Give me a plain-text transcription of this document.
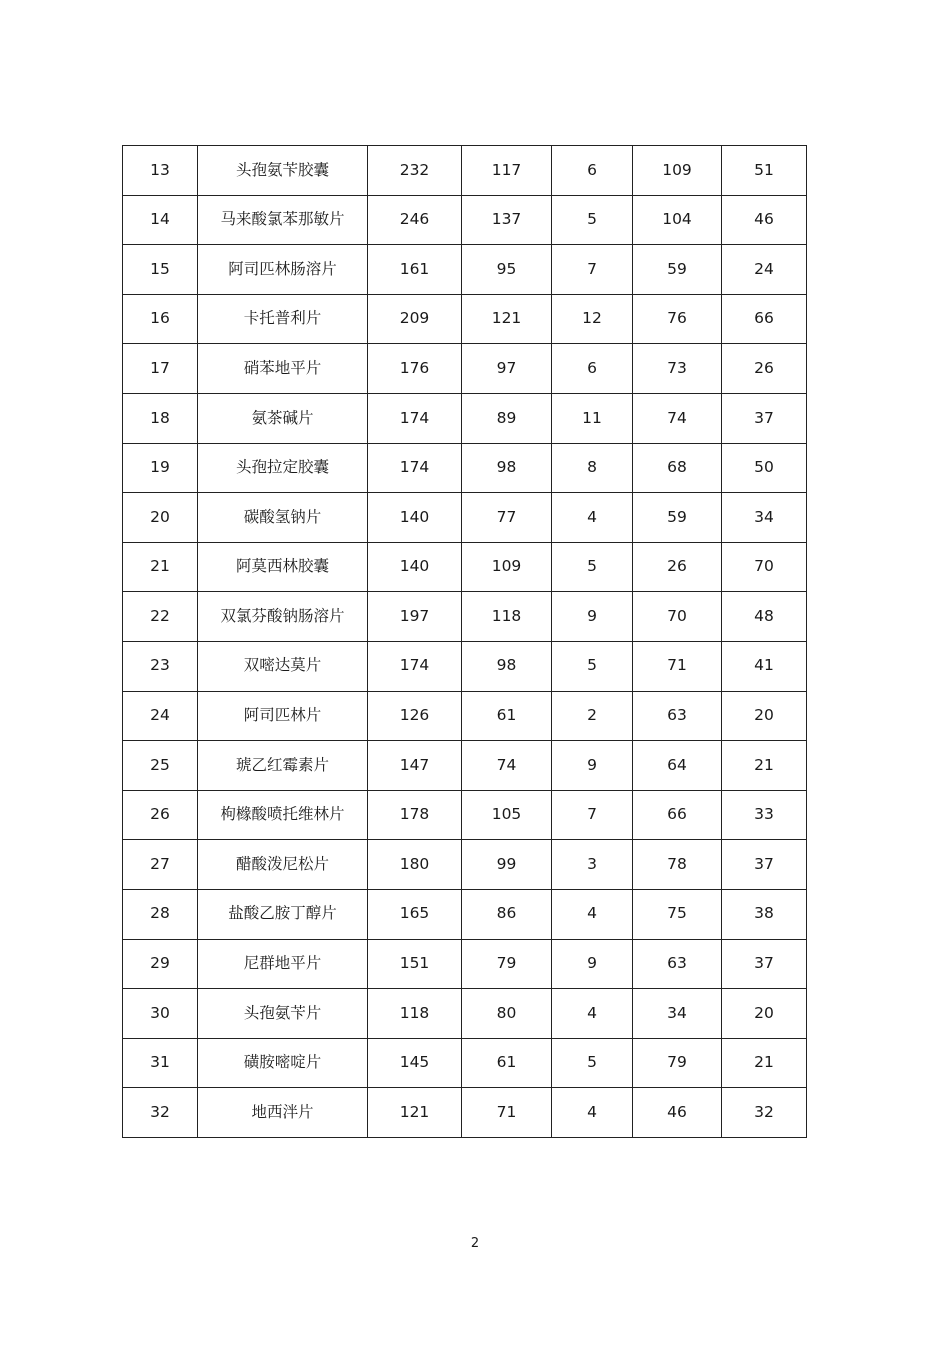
13	头孢氨苄胶囊	232	117	6	109	51
14	马来酸氯苯那敏片	246	137	5	104	46
15	阿司匹林肠溶片	161	95	7	59	24
16	卡托普利片	209	121	12	76	66
17	硝苯地平片	176	97	6	73	26
18	氨茶碱片	174	89	11	74	37
19	头孢拉定胶囊	174	98	8	68	50
20	碳酸氢钠片	140	77	4	59	34
21	阿莫西林胶囊	140	109	5	26	70
22	双氯芬酸钠肠溶片	197	118	9	70	48
23	双嘧达莫片	174	98	5	71	41
24	阿司匹林片	126	61	2	63	20
25	琥乙红霉素片	147	74	9	64	21
26	枸橼酸喷托维林片	178	105	7	66	33
27	醋酸泼尼松片	180	99	3	78	37
28	盐酸乙胺丁醇片	165	86	4	75	38
29	尼群地平片	151	79	9	63	37
30	头孢氨苄片	118	80	4	34	20
31	磺胺嘧啶片	145	61	5	79	21
32	地西泮片	121	71	4	46	32
2
